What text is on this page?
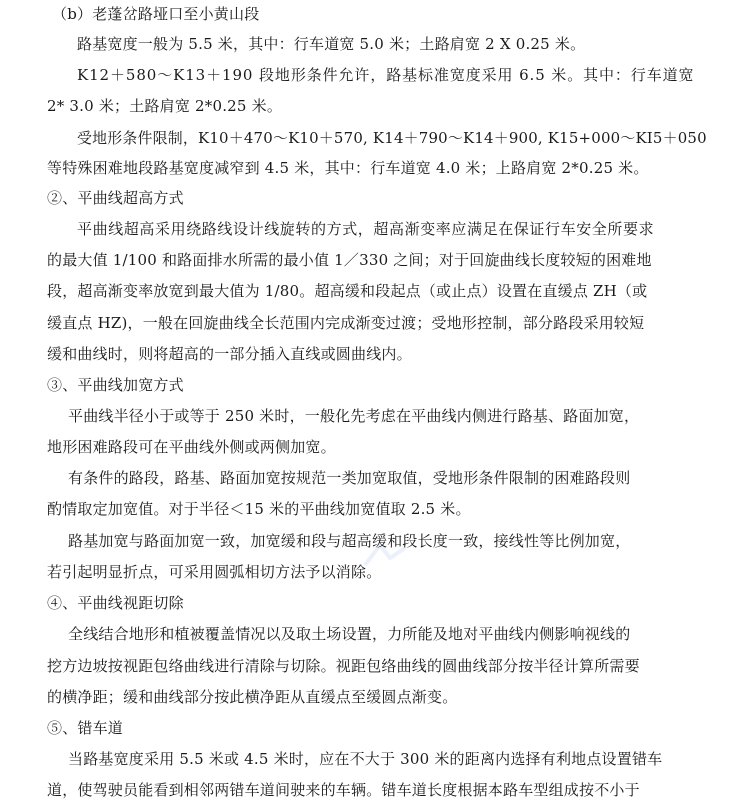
（b）老蓬岔路垭口至小黄山段
路基宽度一般为 5.5 米，其中：行车道宽 5.0 米；土路肩宽 2 X 0.25 米。
K12＋580～K13＋190 段地形条件允许，路基标准宽度采用 6.5 米。其中：行车道宽
2* 3.0 米；土路肩宽 2*0.25 米。
受地形条件限制，K10＋470～K10＋570, K14＋790～K14＋900, K15+000～KI5＋050
等特殊困难地段路基宽度减窄到 4.5 米，其中：行车道宽 4.0 米；上路肩宽 2*0.25 米。
②、平曲线超高方式
平曲线超高采用绕路线设计线旋转的方式，超高渐变率应满足在保证行车安全所要求
的最大值 1/100 和路面排水所需的最小值 1／330 之间；对于回旋曲线长度较短的困难地
段，超高渐变率放宽到最大值为 1/80。超高缓和段起点（或止点）设置在直缓点 ZH（或
缓直点 HZ)，一般在回旋曲线全长范围内完成渐变过渡；受地形控制，部分路段采用较短
缓和曲线时，则将超高的一部分插入直线或圆曲线内。
③、平曲线加宽方式
平曲线半径小于或等于 250 米时，一般化先考虑在平曲线内侧进行路基、路面加宽，
地形困难路段可在平曲线外侧或两侧加宽。
有条件的路段，路基、路面加宽按规范一类加宽取值，受地形条件限制的困难路段则
酌情取定加宽值。对于半径＜15 米的平曲线加宽值取 2.5 米。
路基加宽与路面加宽一致，加宽缓和段与超高缓和段长度一致，接线性等比例加宽，
若引起明显折点，可采用圆弧相切方法予以消除。
④、平曲线视距切除
全线结合地形和植被覆盖情况以及取土场设置，力所能及地对平曲线内侧影响视线的
挖方边坡按视距包络曲线进行清除与切除。视距包络曲线的圆曲线部分按半径计算所需要
的横净距；缓和曲线部分按此横净距从直缓点至缓圆点渐变。
⑤、错车道
当路基宽度采用 5.5 米或 4.5 米时，应在不大于 300 米的距离内选择有利地点设置错车
道，使驾驶员能看到相邻两错车道间驶来的车辆。错车道长度根据本路车型组成按不小于
